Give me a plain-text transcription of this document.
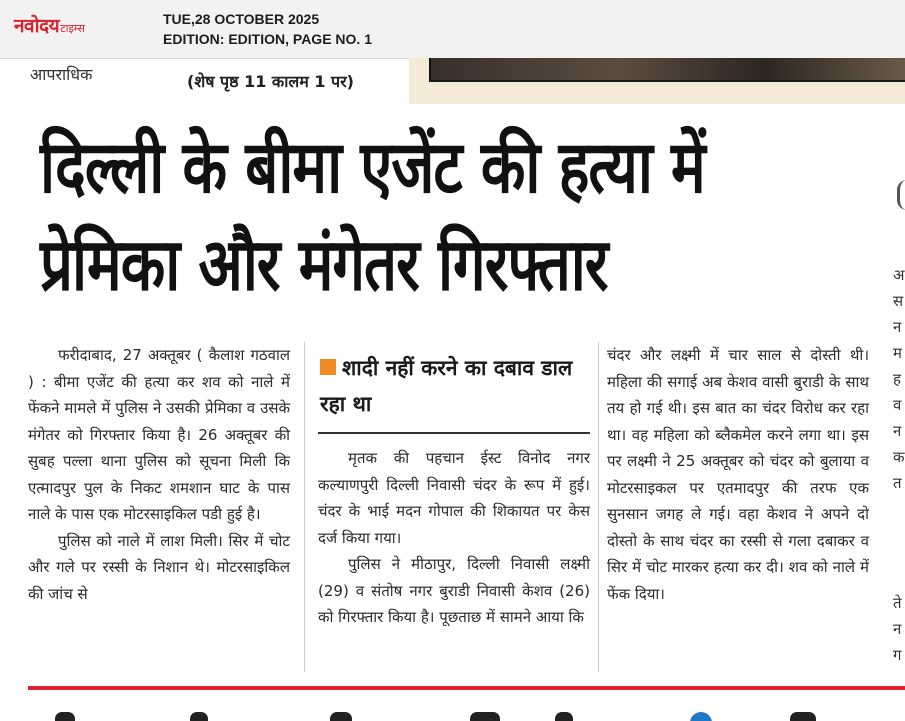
नवोदयटाइम्स
TUE,28 OCTOBER 2025
EDITION: EDITION, PAGE NO. 1
आपराधिक	(शेष पृष्ठ 11 कालम 1 पर)
दिल्ली के बीमा एजेंट की हत्या में
प्रेमिका और मंगेतर गिरफ्तार

फरीदाबाद, 27 अक्तूबर ( कैलाश गठवाल ) : बीमा एजेंट की हत्या कर शव को नाले में फेंकने मामले में पुलिस ने उसकी प्रेमिका व उसके मंगेतर को गिरफ्तार किया है। 26 अक्तूबर की सुबह पल्ला थाना पुलिस को सूचना मिली कि एत्मादपुर पुल के निकट शमशान घाट के पास नाले के पास एक मोटरसाइकिल पडी हुई है।

पुलिस को नाले में लाश मिली। सिर में चोट और गले पर रस्सी के निशान थे। मोटरसाइकिल की जांच से

शादी नहीं करने का दबाव डाल रहा था

मृतक की पहचान ईस्ट विनोद नगर कल्याणपुरी दिल्ली निवासी चंदर के रूप में हुई। चंदर के भाई मदन गोपाल की शिकायत पर केस दर्ज किया गया।

पुलिस ने मीठापुर, दिल्ली निवासी लक्ष्मी (29) व संतोष नगर बुराडी निवासी केशव (26) को गिरफ्तार किया है। पूछताछ में सामने आया कि

चंदर और लक्ष्मी में चार साल से दोस्ती थी। महिला की सगाई अब केशव वासी बुराडी के साथ तय हो गई थी। इस बात का चंदर विरोध कर रहा था। वह महिला को ब्लैकमेल करने लगा था। इस पर लक्ष्मी ने 25 अक्तूबर को चंदर को बुलाया व मोटरसाइकल पर एतमादपुर की तरफ एक सुनसान जगह ले गई। वहा केशव ने अपने दो दोस्तो के साथ चंदर का रस्सी से गला दबाकर व सिर में चोट मारकर हत्या कर दी। शव को नाले में फेंक दिया।

अ स न म ह व न क त
ते न ग
